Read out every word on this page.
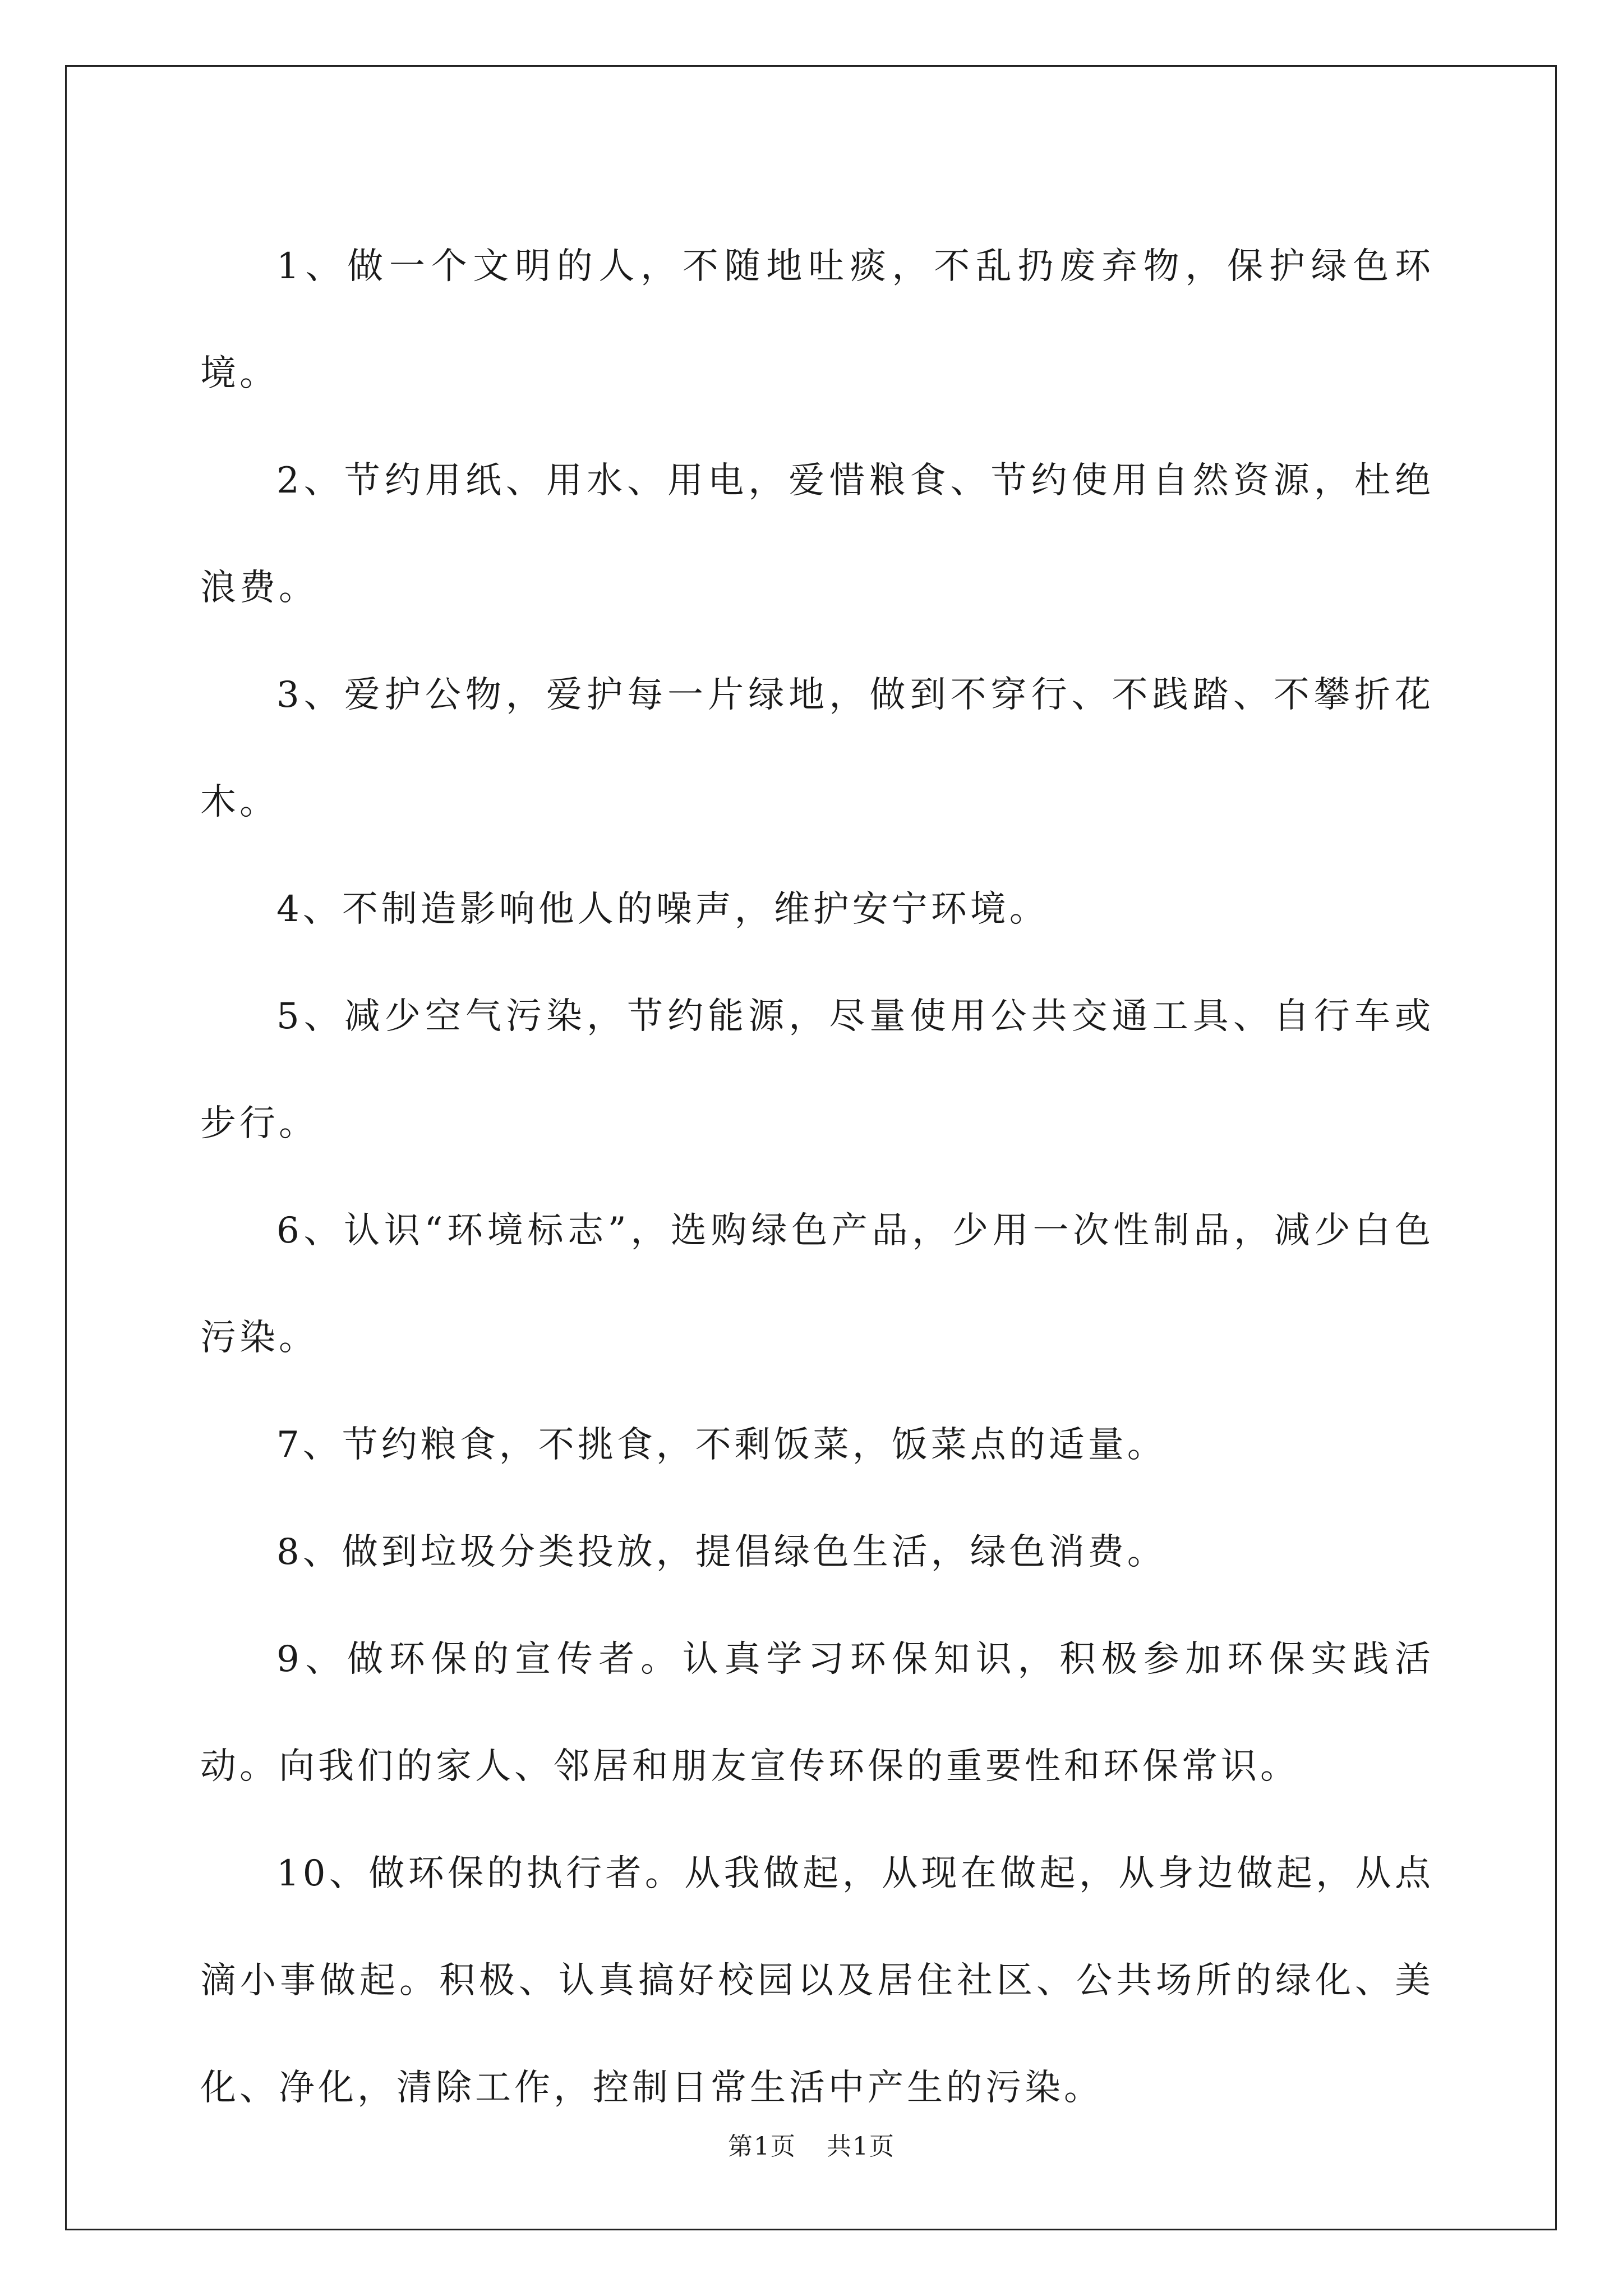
1、做一个文明的人，不随地吐痰，不乱扔废弃物，保护绿色环境。

2、节约用纸、用水、用电，爱惜粮食、节约使用自然资源，杜绝浪费。

3、爱护公物，爱护每一片绿地，做到不穿行、不践踏、不攀折花木。

4、不制造影响他人的噪声，维护安宁环境。

5、减少空气污染，节约能源，尽量使用公共交通工具、自行车或步行。

6、认识“环境标志”，选购绿色产品，少用一次性制品，减少白色污染。

7、节约粮食，不挑食，不剩饭菜，饭菜点的适量。

8、做到垃圾分类投放，提倡绿色生活，绿色消费。

9、做环保的宣传者。认真学习环保知识，积极参加环保实践活动。向我们的家人、邻居和朋友宣传环保的重要性和环保常识。

10、做环保的执行者。从我做起，从现在做起，从身边做起，从点滴小事做起。积极、认真搞好校园以及居住社区、公共场所的绿化、美化、净化，清除工作，控制日常生活中产生的污染。

第1页 共1页
